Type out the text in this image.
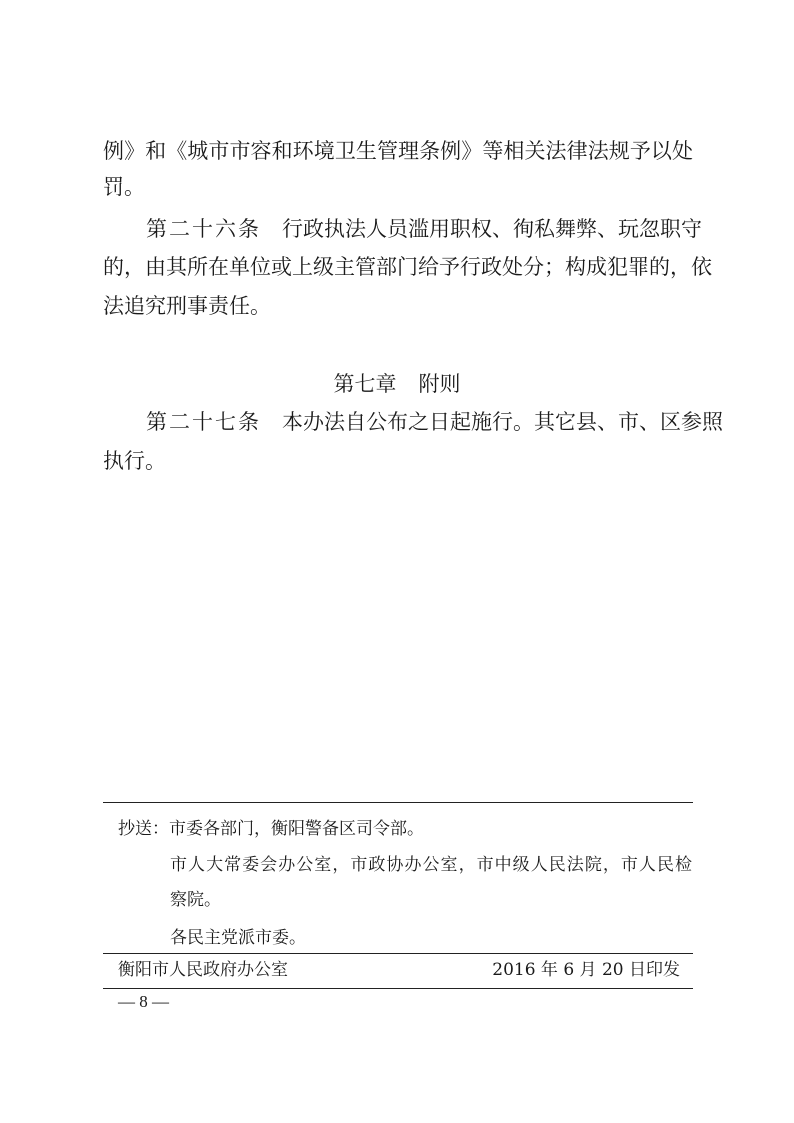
例》和《城市市容和环境卫生管理条例》等相关法律法规予以处
罚。
第二十六条　 行政执法人员滥用职权、徇私舞弊、玩忽职守
的，由其所在单位或上级主管部门给予行政处分；构成犯罪的，依
法追究刑事责任。
第七章 附则
第二十七条　 本办法自公布之日起施行。其它县、市、区参照
执行。
抄送：市委各部门，衡阳警备区司令部。
市人大常委会办公室，市政协办公室，市中级人民法院，市人民检
察院。
各民主党派市委。
衡阳市人民政府办公室	2016 年 6 月 20 日印发
— 8 —
